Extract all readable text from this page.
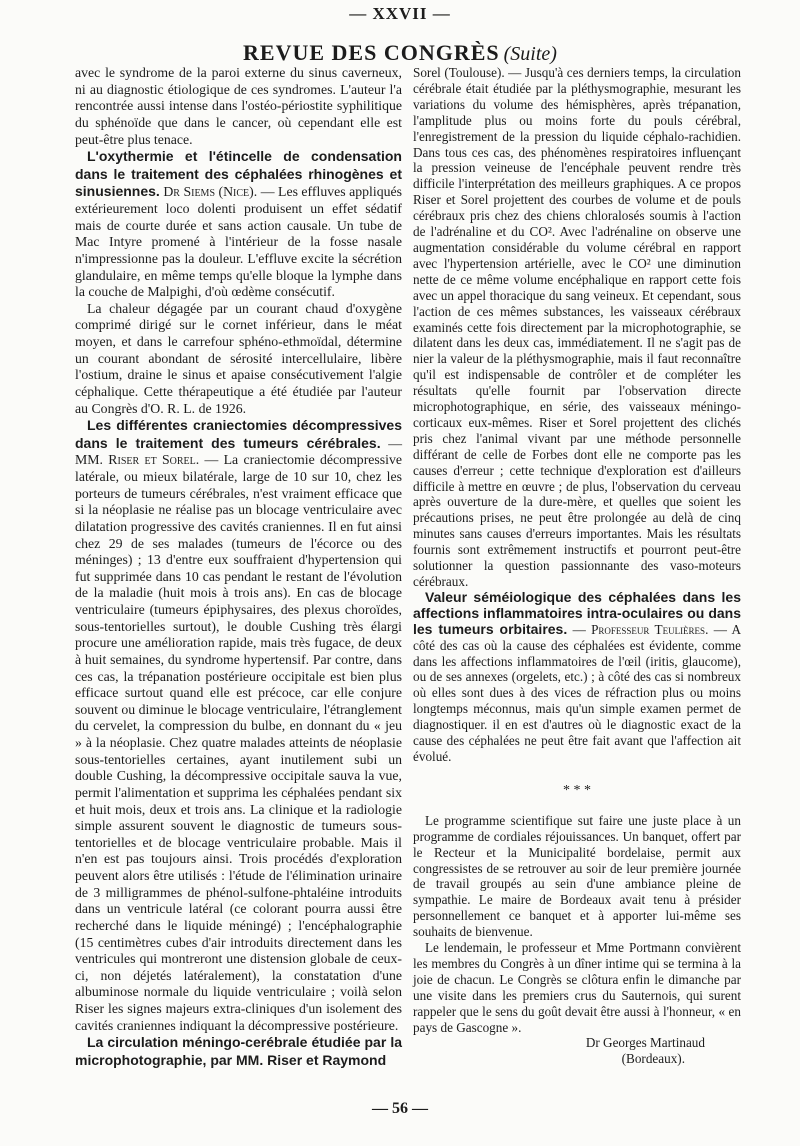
— XXVII —
REVUE DES CONGRÈS (Suite)

avec le syndrome de la paroi externe du sinus caverneux, ni au diagnostic étiologique de ces syndromes. L'auteur l'a rencontrée aussi intense dans l'ostéo-périostite syphilitique du sphénoïde que dans le cancer, où cependant elle est peut-être plus tenace.

L'oxythermie et l'étincelle de condensation dans le traitement des céphalées rhinogènes et sinusiennes. Dr Siems (Nice). — Les effluves appliqués extérieurement loco dolenti produisent un effet sédatif mais de courte durée et sans action causale. Un tube de Mac Intyre promené à l'intérieur de la fosse nasale n'impressionne pas la douleur. L'effluve excite la sécrétion glandulaire, en même temps qu'elle bloque la lymphe dans la couche de Malpighi, d'où œdème consécutif.

La chaleur dégagée par un courant chaud d'oxygène comprimé dirigé sur le cornet inférieur, dans le méat moyen, et dans le carrefour sphéno-ethmoïdal, détermine un courant abondant de sérosité intercellulaire, libère l'ostium, draine le sinus et apaise consécutivement l'algie céphalique. Cette thérapeutique a été étudiée par l'auteur au Congrès d'O. R. L. de 1926.

Les différentes craniectomies décompressives dans le traitement des tumeurs cérébrales. — MM. Riser et Sorel. — La craniectomie décompressive latérale, ou mieux bilatérale, large de 10 sur 10, chez les porteurs de tumeurs cérébrales, n'est vraiment efficace que si la néoplasie ne réalise pas un blocage ventriculaire avec dilatation progressive des cavités craniennes. Il en fut ainsi chez 29 de ses malades (tumeurs de l'écorce ou des méninges) ; 13 d'entre eux souffraient d'hypertension qui fut supprimée dans 10 cas pendant le restant de l'évolution de la maladie (huit mois à trois ans). En cas de blocage ventriculaire (tumeurs épiphysaires, des plexus choroïdes, sous-tentorielles surtout), le double Cushing très élargi procure une amélioration rapide, mais très fugace, de deux à huit semaines, du syndrome hypertensif. Par contre, dans ces cas, la trépanation postérieure occipitale est bien plus efficace surtout quand elle est précoce, car elle conjure souvent ou diminue le blocage ventriculaire, l'étranglement du cervelet, la compression du bulbe, en donnant du « jeu » à la néoplasie. Chez quatre malades atteints de néoplasie sous-tentorielles certaines, ayant inutilement subi un double Cushing, la décompressive occipitale sauva la vue, permit l'alimentation et supprima les céphalées pendant six et huit mois, deux et trois ans. La clinique et la radiologie simple assurent souvent le diagnostic de tumeurs sous-tentorielles et de blocage ventriculaire probable. Mais il n'en est pas toujours ainsi. Trois procédés d'exploration peuvent alors être utilisés : l'étude de l'élimination urinaire de 3 milligrammes de phénol-sulfone-phtaléine introduits dans un ventricule latéral (ce colorant pourra aussi être recherché dans le liquide méningé) ; l'encéphalographie (15 centimètres cubes d'air introduits directement dans les ventricules qui montreront une distension globale de ceux-ci, non déjetés latéralement), la constatation d'une albuminose normale du liquide ventriculaire ; voilà selon Riser les signes majeurs extra-cliniques d'un isolement des cavités craniennes indiquant la décompressive postérieure.

La circulation méningo-cerébrale étudiée par la microphotographie, par MM. Riser et Raymond

Sorel (Toulouse). — Jusqu'à ces derniers temps, la circulation cérébrale était étudiée par la pléthysmographie, mesurant les variations du volume des hémisphères, après trépanation, l'amplitude plus ou moins forte du pouls cérébral, l'enregistrement de la pression du liquide céphalo-rachidien. Dans tous ces cas, des phénomènes respiratoires influençant la pression veineuse de l'encéphale peuvent rendre très difficile l'interprétation des meilleurs graphiques. A ce propos Riser et Sorel projettent des courbes de volume et de pouls cérébraux pris chez des chiens chloralosés soumis à l'action de l'adrénaline et du CO². Avec l'adrénaline on observe une augmentation considérable du volume cérébral en rapport avec l'hypertension artérielle, avec le CO² une diminution nette de ce même volume encéphalique en rapport cette fois avec un appel thoracique du sang veineux. Et cependant, sous l'action de ces mêmes substances, les vaisseaux cérébraux examinés cette fois directement par la microphotographie, se dilatent dans les deux cas, immédiatement. Il ne s'agit pas de nier la valeur de la pléthysmographie, mais il faut reconnaître qu'il est indispensable de contrôler et de compléter les résultats qu'elle fournit par l'observation directe microphotographique, en série, des vaisseaux méningo-corticaux eux-mêmes. Riser et Sorel projettent des clichés pris chez l'animal vivant par une méthode personnelle différant de celle de Forbes dont elle ne comporte pas les causes d'erreur ; cette technique d'exploration est d'ailleurs difficile à mettre en œuvre ; de plus, l'observation du cerveau après ouverture de la dure-mère, et quelles que soient les précautions prises, ne peut être prolongée au delà de cinq minutes sans causes d'erreurs importantes. Mais les résultats fournis sont extrêmement instructifs et pourront peut-être solutionner la question passionnante des vaso-moteurs cérébraux.

Valeur séméiologique des céphalées dans les affections inflammatoires intra-oculaires ou dans les tumeurs orbitaires. — Professeur Teulières. — A côté des cas où la cause des céphalées est évidente, comme dans les affections inflammatoires de l'œil (iritis, glaucome), ou de ses annexes (orgelets, etc.) ; à côté des cas si nombreux où elles sont dues à des vices de réfraction plus ou moins longtemps méconnus, mais qu'un simple examen permet de diagnostiquer. il en est d'autres où le diagnostic exact de la cause des céphalées ne peut être fait avant que l'affection ait évolué.

* * *

Le programme scientifique sut faire une juste place à un programme de cordiales réjouissances. Un banquet, offert par le Recteur et la Municipalité bordelaise, permit aux congressistes de se retrouver au soir de leur première journée de travail groupés au sein d'une ambiance pleine de sympathie. Le maire de Bordeaux avait tenu à présider personnellement ce banquet et à apporter lui-même ses souhaits de bienvenue.

Le lendemain, le professeur et Mme Portmann convièrent les membres du Congrès à un dîner intime qui se termina à la joie de chacun. Le Congrès se clôtura enfin le dimanche par une visite dans les premiers crus du Sauternois, qui surent rappeler que le sens du goût devait être aussi à l'honneur, « en pays de Gascogne ».

Dr Georges Martinaud

(Bordeaux).

— 56 —
